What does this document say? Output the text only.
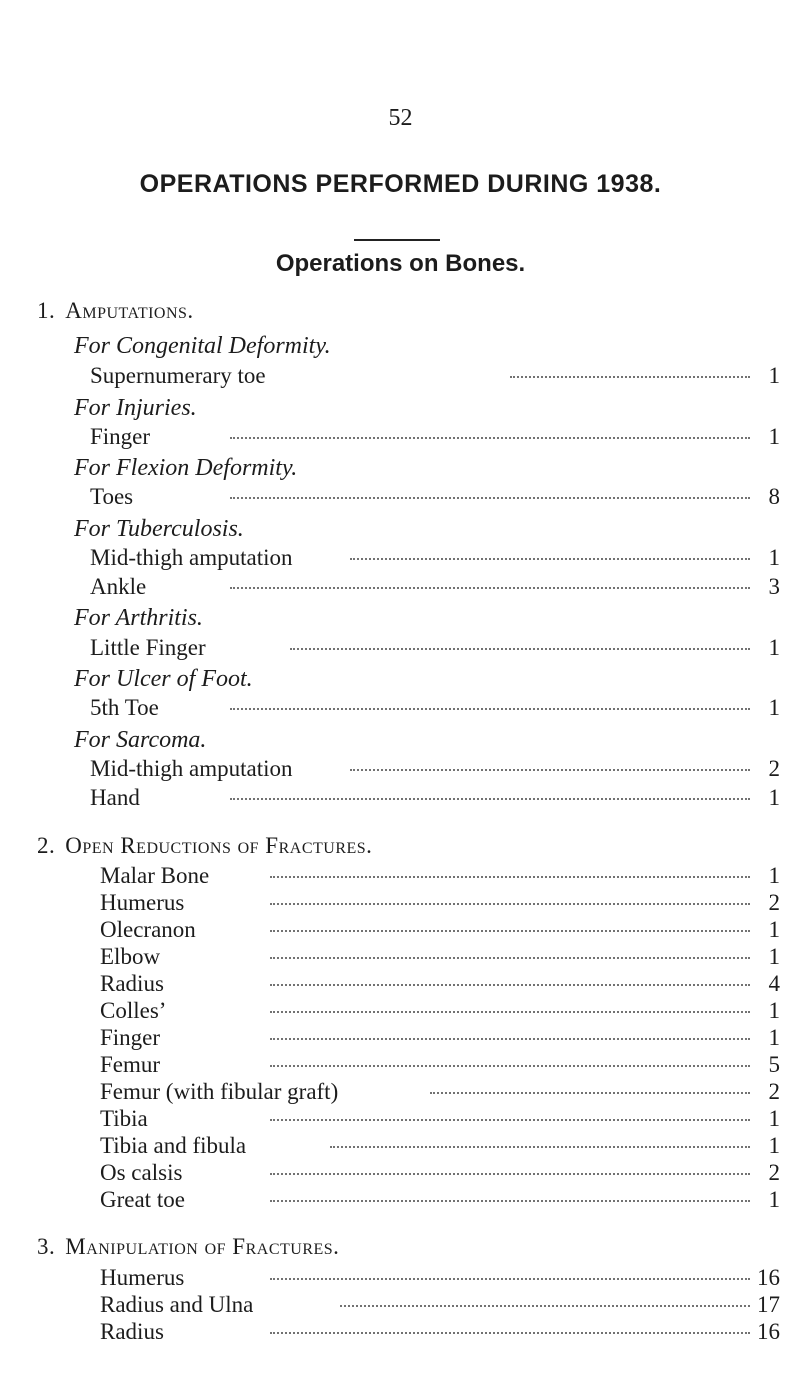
52
OPERATIONS PERFORMED DURING 1938.
Operations on Bones.
1. Amputations.
For Congenital Deformity.
Supernumerary toe	1
For Injuries.
Finger	1
For Flexion Deformity.
Toes	8
For Tuberculosis.
Mid-thigh amputation	1
Ankle	3
For Arthritis.
Little Finger	1
For Ulcer of Foot.
5th Toe	1
For Sarcoma.
Mid-thigh amputation	2
Hand	1
2. Open Reductions of Fractures.
Malar Bone	1
Humerus	2
Olecranon	1
Elbow	1
Radius	4
Colles’	1
Finger	1
Femur	5
Femur (with fibular graft)	2
Tibia	1
Tibia and fibula	1
Os calsis	2
Great toe	1
3. Manipulation of Fractures.
Humerus	16
Radius and Ulna	17
Radius	16
